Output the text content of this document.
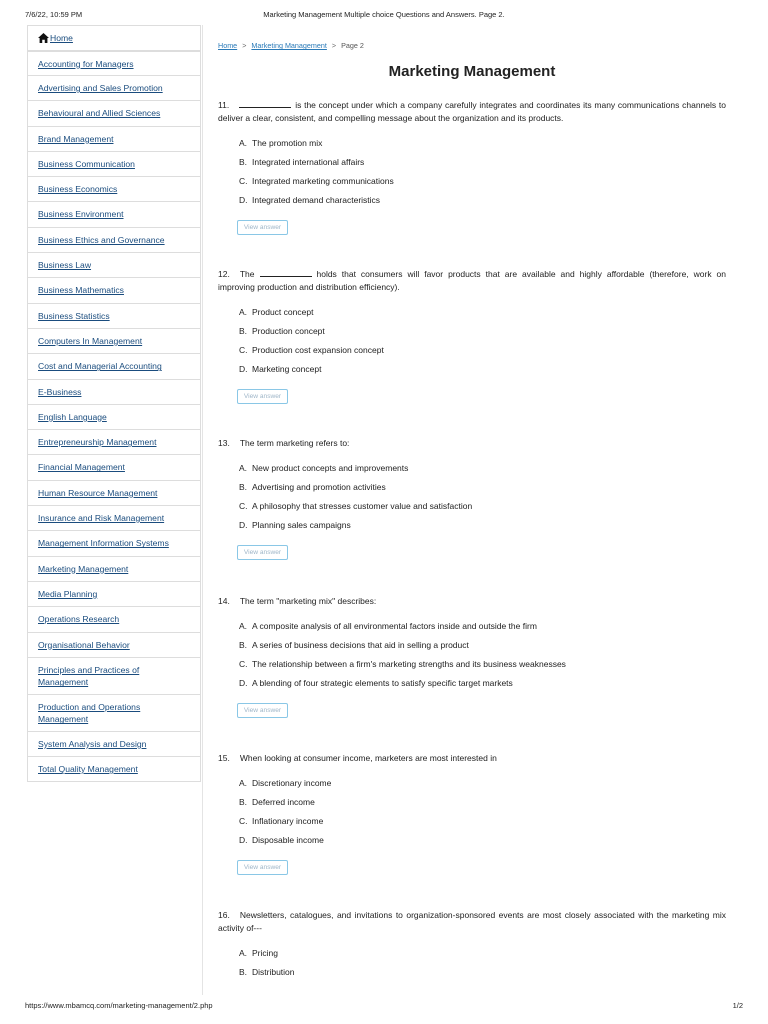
7/6/22, 10:59 PM	Marketing Management Multiple choice Questions and Answers. Page 2.
Home
Accounting for Managers
Advertising and Sales Promotion
Behavioural and Allied Sciences
Brand Management
Business Communication
Business Economics
Business Environment
Business Ethics and Governance
Business Law
Business Mathematics
Business Statistics
Computers In Management
Cost and Managerial Accounting
E-Business
English Language
Entrepreneurship Management
Financial Management
Human Resource Management
Insurance and Risk Management
Management Information Systems
Marketing Management
Media Planning
Operations Research
Organisational Behavior
Principles and Practices of Management
Production and Operations Management
System Analysis and Design
Total Quality Management
Home > Marketing Management > Page 2
Marketing Management

11.	is the concept under which a company carefully integrates and coordinates its many communications channels to deliver a clear, consistent, and compelling message about the organization and its products.

A. The promotion mix
B. Integrated international affairs
C. Integrated marketing communications
D. Integrated demand characteristics
View answer

12. The	holds that consumers will favor products that are available and highly affordable (therefore, work on improving production and distribution efficiency).

A. Product concept
B. Production concept
C. Production cost expansion concept
D. Marketing concept
View answer

13. The term marketing refers to:

A. New product concepts and improvements
B. Advertising and promotion activities
C. A philosophy that stresses customer value and satisfaction
D. Planning sales campaigns
View answer

14. The term "marketing mix" describes:

A. A composite analysis of all environmental factors inside and outside the firm
B. A series of business decisions that aid in selling a product
C. The relationship between a firm's marketing strengths and its business weaknesses
D. A blending of four strategic elements to satisfy specific target markets
View answer

15. When looking at consumer income, marketers are most interested in

A. Discretionary income
B. Deferred income
C. Inflationary income
D. Disposable income
View answer

16. Newsletters, catalogues, and invitations to organization-sponsored events are most closely associated with the marketing mix activity of---

A. Pricing
B. Distribution
https://www.mbamcq.com/marketing-management/2.php	1/2
